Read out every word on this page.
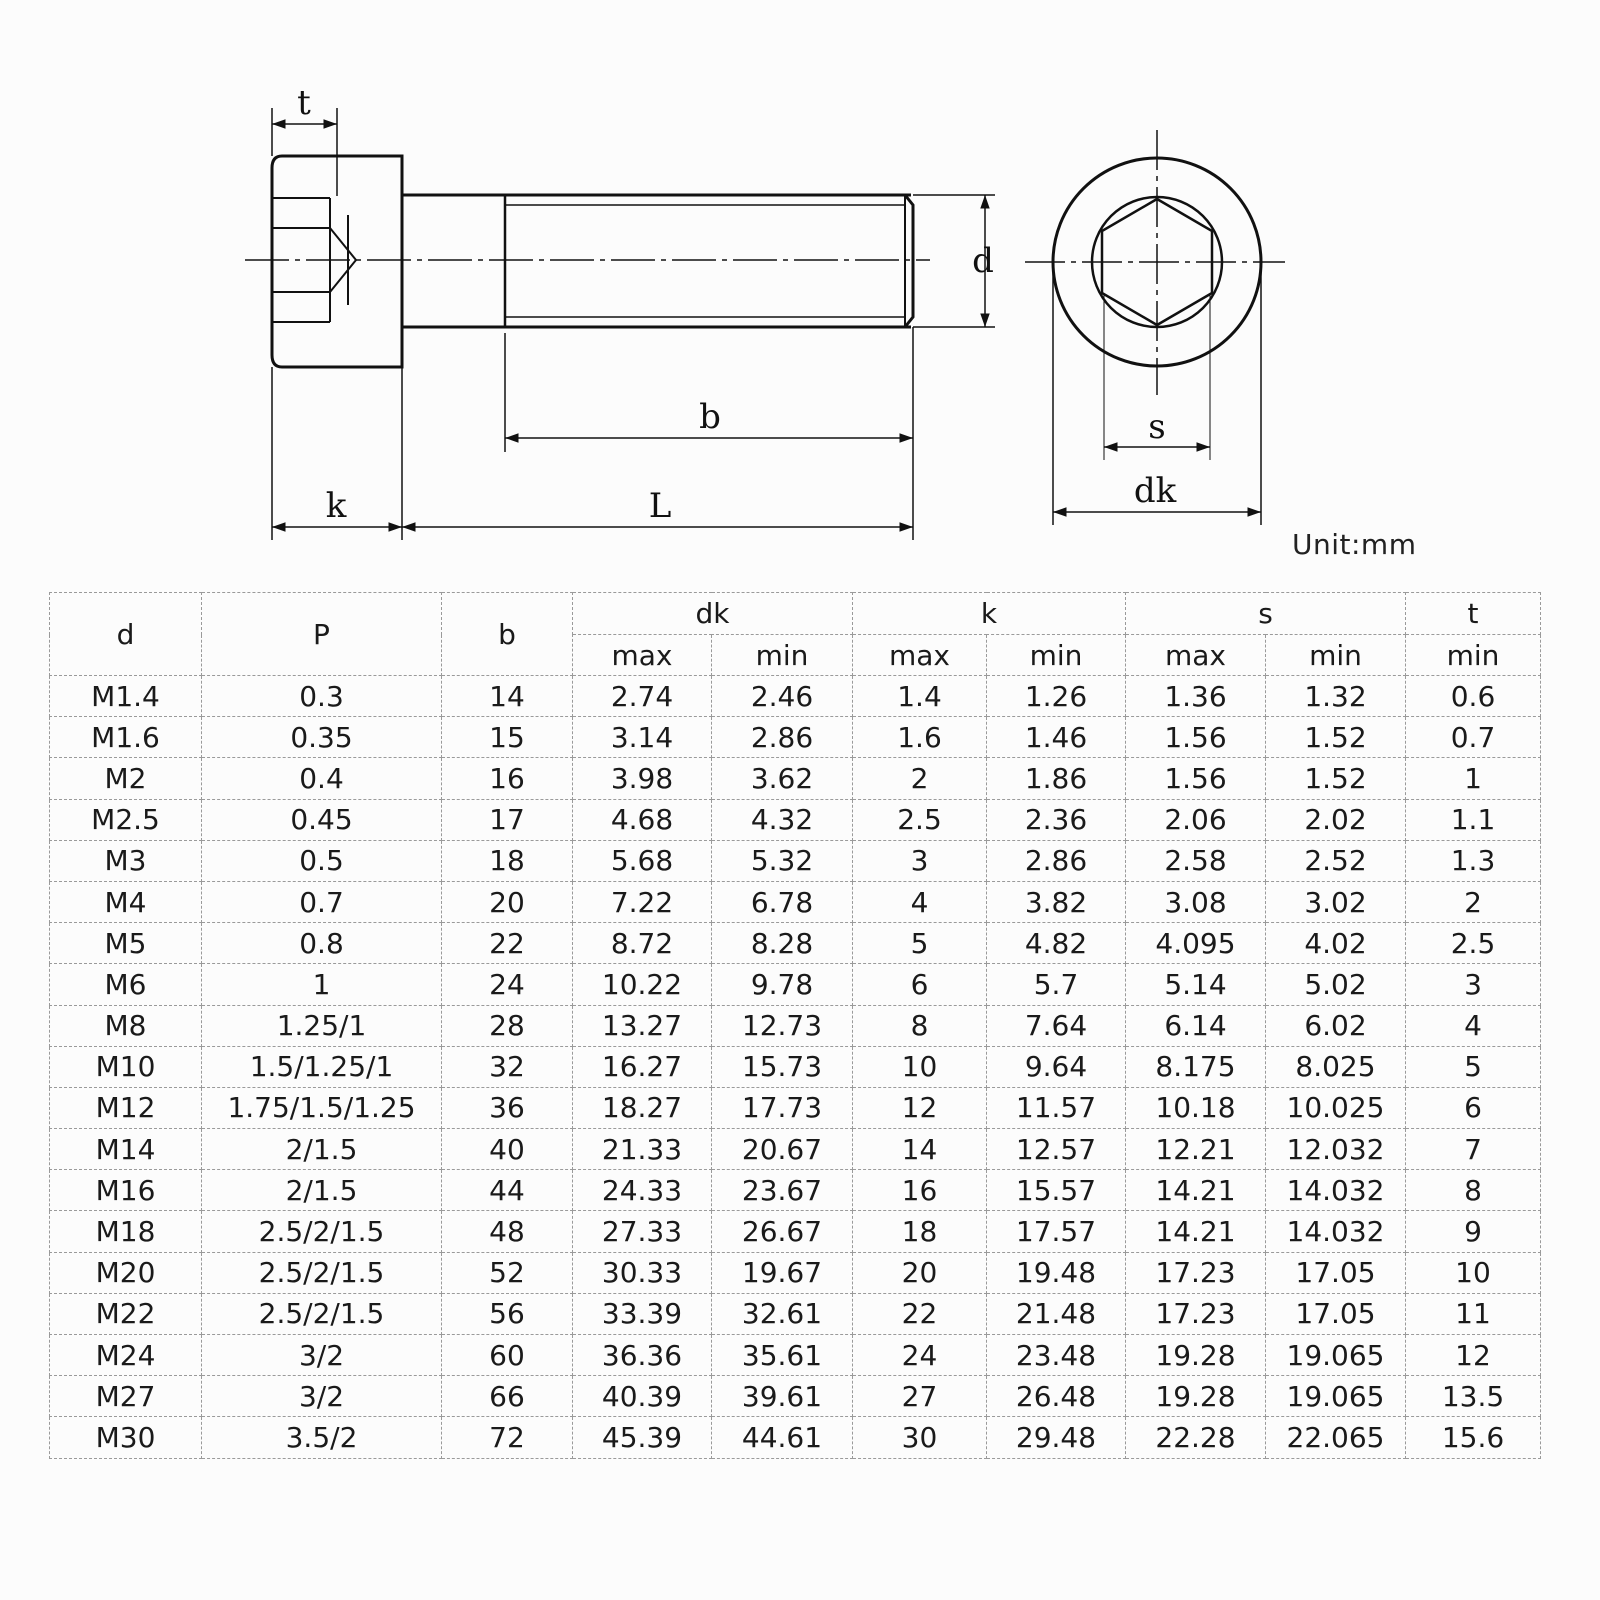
t
d
b
k	L
s
dk
Unit:mm
d	P	b	dk		k		s		t
			max	min	max	min	max	min	min
M1.4	0.3	14	2.74	2.46	1.4	1.26	1.36	1.32	0.6
M1.6	0.35	15	3.14	2.86	1.6	1.46	1.56	1.52	0.7
M2	0.4	16	3.98	3.62	2	1.86	1.56	1.52	1
M2.5	0.45	17	4.68	4.32	2.5	2.36	2.06	2.02	1.1
M3	0.5	18	5.68	5.32	3	2.86	2.58	2.52	1.3
M4	0.7	20	7.22	6.78	4	3.82	3.08	3.02	2
M5	0.8	22	8.72	8.28	5	4.82	4.095	4.02	2.5
M6	1	24	10.22	9.78	6	5.7	5.14	5.02	3
M8	1.25/1	28	13.27	12.73	8	7.64	6.14	6.02	4
M10	1.5/1.25/1	32	16.27	15.73	10	9.64	8.175	8.025	5
M12	1.75/1.5/1.25	36	18.27	17.73	12	11.57	10.18	10.025	6
M14	2/1.5	40	21.33	20.67	14	12.57	12.21	12.032	7
M16	2/1.5	44	24.33	23.67	16	15.57	14.21	14.032	8
M18	2.5/2/1.5	48	27.33	26.67	18	17.57	14.21	14.032	9
M20	2.5/2/1.5	52	30.33	19.67	20	19.48	17.23	17.05	10
M22	2.5/2/1.5	56	33.39	32.61	22	21.48	17.23	17.05	11
M24	3/2	60	36.36	35.61	24	23.48	19.28	19.065	12
M27	3/2	66	40.39	39.61	27	26.48	19.28	19.065	13.5
M30	3.5/2	72	45.39	44.61	30	29.48	22.28	22.065	15.6
